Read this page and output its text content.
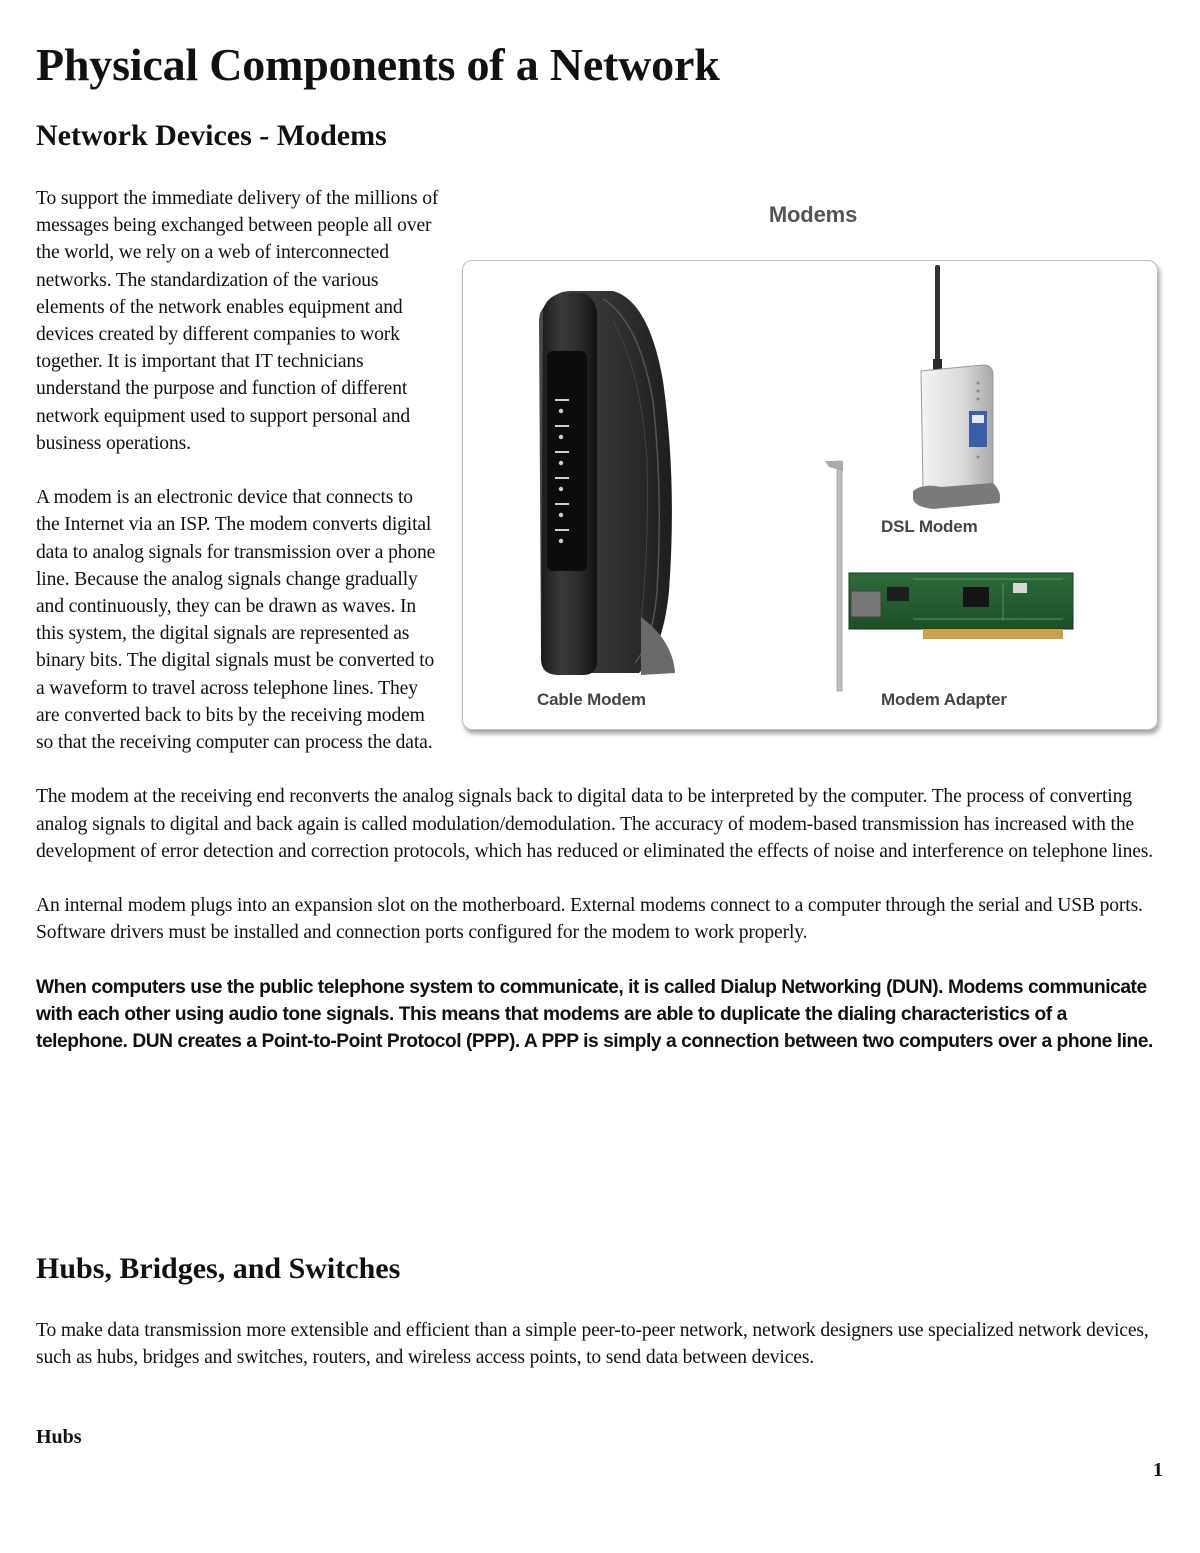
Physical Components of a Network
Network Devices - Modems
Modems
Cable Modem
DSL Modem
Modem Adapter

To support the immediate delivery of the millions of messages being exchanged between people all over the world, we rely on a web of interconnected networks. The standardization of the various elements of the network enables equipment and devices created by different companies to work together. It is important that IT technicians understand the purpose and function of different network equipment used to support personal and business operations.

A modem is an electronic device that connects to the Internet via an ISP. The modem converts digital data to analog signals for transmission over a phone line. Because the analog signals change gradually and continuously, they can be drawn as waves. In this system, the digital signals are represented as binary bits. The digital signals must be converted to a waveform to travel across telephone lines. They are converted back to bits by the receiving modem so that the receiving computer can process the data.

The modem at the receiving end reconverts the analog signals back to digital data to be interpreted by the computer. The process of converting analog signals to digital and back again is called modulation/demodulation. The accuracy of modem-based transmission has increased with the development of error detection and correction protocols, which has reduced or eliminated the effects of noise and interference on telephone lines.

An internal modem plugs into an expansion slot on the motherboard. External modems connect to a computer through the serial and USB ports. Software drivers must be installed and connection ports configured for the modem to work properly.

When computers use the public telephone system to communicate, it is called Dialup Networking (DUN). Modems communicate with each other using audio tone signals. This means that modems are able to duplicate the dialing characteristics of a telephone. DUN creates a Point-to-Point Protocol (PPP). A PPP is simply a connection between two computers over a phone line.

Hubs, Bridges, and Switches

To make data transmission more extensible and efficient than a simple peer-to-peer network, network designers use specialized network devices, such as hubs, bridges and switches, routers, and wireless access points, to send data between devices.

Hubs
1
